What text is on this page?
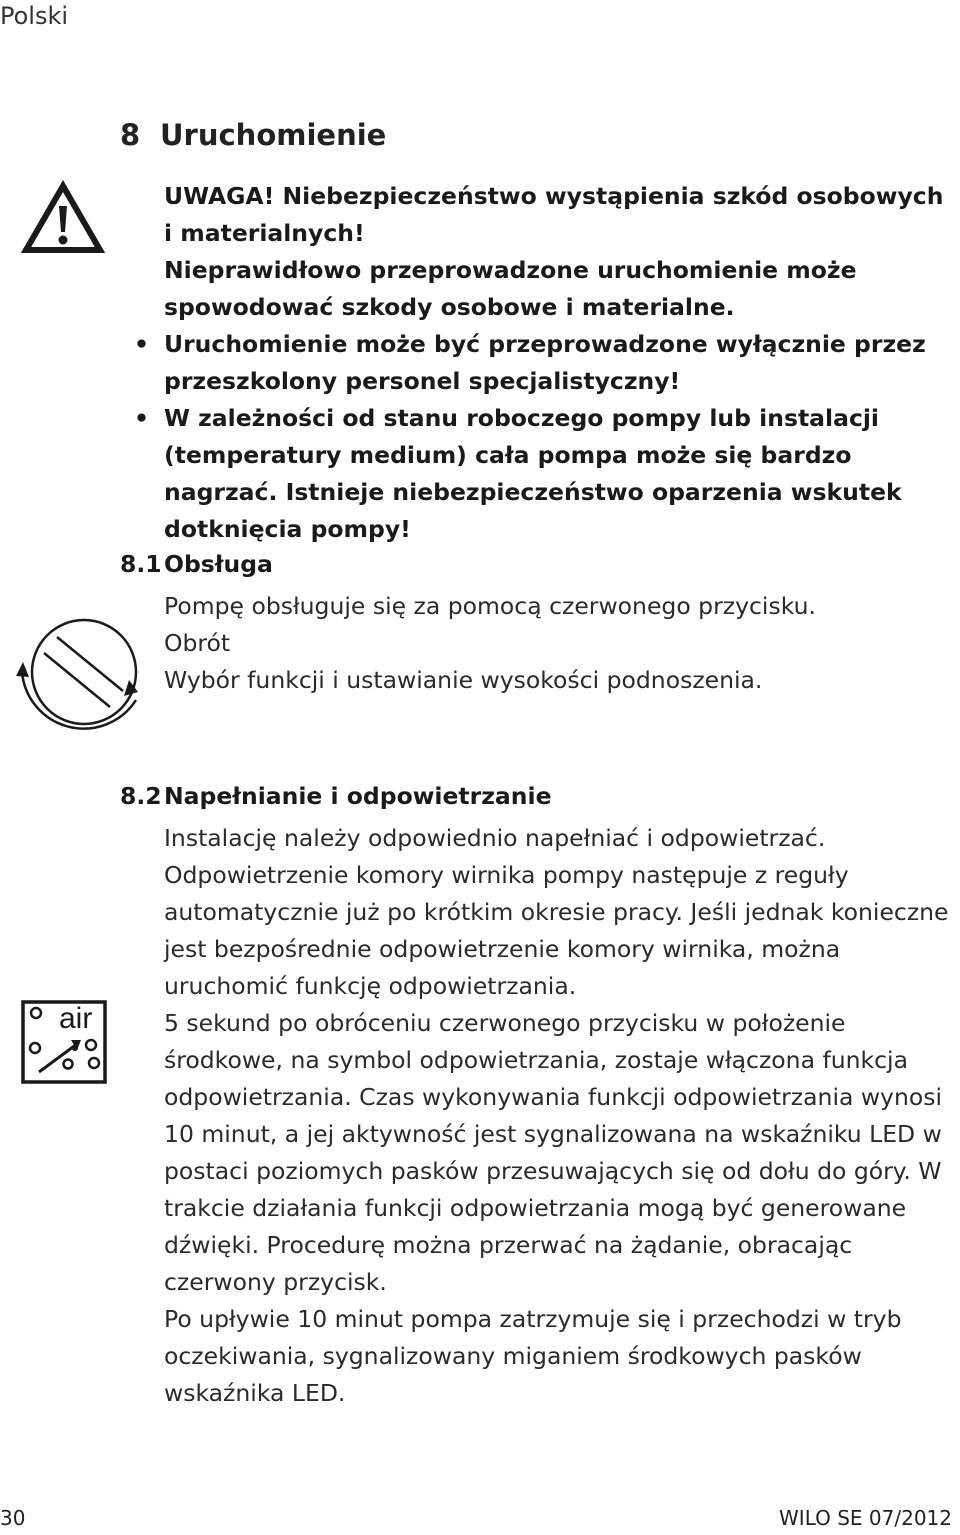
Polski
8 Uruchomienie

UWAGA! Niebezpieczeństwo wystąpienia szkód osobowych

i materialnych!

Nieprawidłowo przeprowadzone uruchomienie może spowodować szkody osobowe i materialne.

• Uruchomienie może być przeprowadzone wyłącznie przez przeszkolony personel specjalistyczny!
• W zależności od stanu roboczego pompy lub instalacji (temperatury medium) cała pompa może się bardzo nagrzać. Istnieje niebezpieczeństwo oparzenia wskutek dotknięcia pompy!
8.1 Obsługa

Pompę obsługuje się za pomocą czerwonego przycisku.

Obrót

Wybór funkcji i ustawianie wysokości podnoszenia.

8.2 Napełnianie i odpowietrzanie
air

Instalację należy odpowiednio napełniać i odpowietrzać. Odpowietrzenie komory wirnika pompy następuje z reguły automatycznie już po krótkim okresie pracy. Jeśli jednak konieczne jest bezpośrednie odpowietrzenie komory wirnika, można uruchomić funkcję odpowietrzania.

5 sekund po obróceniu czerwonego przycisku w położenie środkowe, na symbol odpowietrzania, zostaje włączona funkcja odpowietrzania. Czas wykonywania funkcji odpowietrzania wynosi 10 minut, a jej aktywność jest sygnalizowana na wskaźniku LED w postaci poziomych pasków przesuwających się od dołu do góry. W trakcie działania funkcji odpowietrzania mogą być generowane dźwięki. Procedurę można przerwać na żądanie, obracając czerwony przycisk.

Po upływie 10 minut pompa zatrzymuje się i przechodzi w tryb oczekiwania, sygnalizowany miganiem środkowych pasków wskaźnika LED.

30	WILO SE 07/2012
